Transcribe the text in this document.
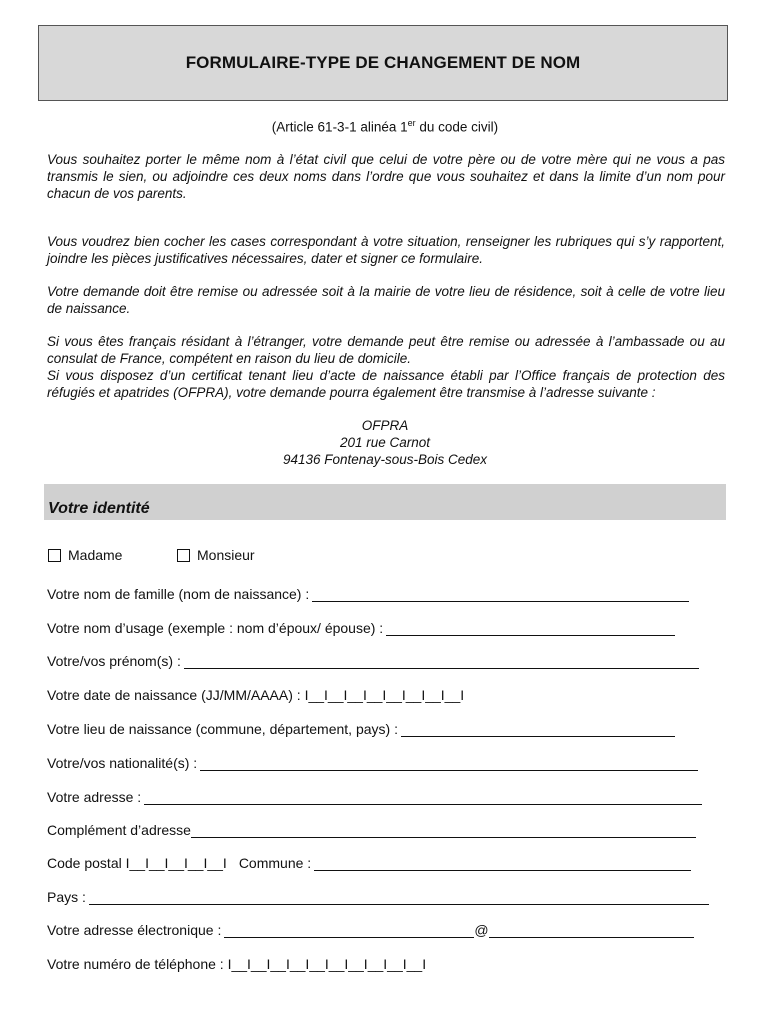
FORMULAIRE-TYPE DE CHANGEMENT DE NOM
(Article 61-3-1 alinéa 1er du code civil)

Vous souhaitez porter le même nom à l’état civil que celui de votre père ou de votre mère qui ne vous a pas transmis le sien, ou adjoindre ces deux noms dans l’ordre que vous souhaitez et dans la limite d’un nom pour chacun de vos parents.

Vous voudrez bien cocher les cases correspondant à votre situation, renseigner les rubriques qui s’y rapportent, joindre les pièces justificatives nécessaires, dater et signer ce formulaire.

Votre demande doit être remise ou adressée soit à la mairie de votre lieu de résidence, soit à celle de votre lieu de naissance.

Si vous êtes français résidant à l’étranger, votre demande peut être remise ou adressée à l’ambassade ou au consulat de France, compétent en raison du lieu de domicile.

Si vous disposez d’un certificat tenant lieu d’acte de naissance établi par l’Office français de protection des réfugiés et apatrides (OFPRA), votre demande pourra également être transmise à l’adresse suivante :

OFPRA
201 rue Carnot
94136 Fontenay-sous-Bois Cedex
Votre identité
Madame	Monsieur
Votre nom de famille (nom de naissance) :
Votre nom d’usage (exemple : nom d’époux/ épouse) :
Votre/vos prénom(s) :
Votre date de naissance (JJ/MM/AAAA) :
I__I__I__I__I__I__I__I__I
Votre lieu de naissance (commune, département, pays) :
Votre/vos nationalité(s) :
Votre adresse :
Complément d’adresse
Code postal
I__I__I__I__I__I Commune :
Pays :
Votre adresse électronique :	@
Votre numéro de téléphone :
I__I__I__I__I__I__I__I__I__I__I
